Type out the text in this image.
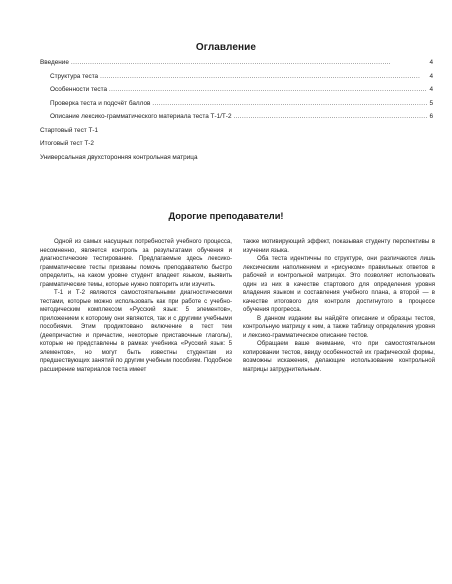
Оглавление
Введение . . .	4
Структура теста . . .	4
Особенности теста . . .	4
Проверка теста и подсчёт баллов . . .	5
Описание лексико-грамматического материала теста Т-1/Т-2 . . .	6
Стартовый тест Т-1
Итоговый тест Т-2
Универсальная двухсторонняя контрольная матрица
Дорогие преподаватели!

Одной из самых насущных потребностей учебного процесса, несомненно, является контроль за результатами обучения и диагностические тестирование. Предлагаемые здесь лексико-грамматические тесты призваны помочь преподавателю быстро определить, на каком уровне студент владеет языком, выявить грамматические темы, которые нужно повторить или изучить.

Т-1 и Т-2 являются самостоятельными диагностическими тестами, которые можно использовать как при работе с учебно-методическим комплексом «Русский язык: 5 элементов», приложением к которому они являются, так и с другими учебными пособиями. Этим продиктовано включение в тест тем (деепричастие и причастие, некоторые приставочные глаголы), которые не представлены в рамках учебника «Русский язык: 5 элементов», но могут быть известны студентам из предшествующих занятий по другим учебным пособиям. Подобное расширение материалов теста имеет

также мотивирующий эффект, показывая студенту перспективы в изучении языка.

Оба теста идентичны по структуре, они различаются лишь лексическим наполнением и «рисунком» правильных ответов в рабочей и контрольной матрицах. Это позволяет использовать один из них в качестве стартового для определения уровня владения языком и составления учебного плана, а второй — в качестве итогового для контроля достигнутого в процессе обучения прогресса.

В данном издании вы найдёте описание и образцы тестов, контрольную матрицу к ним, а также таблицу определения уровня и лексико-грамматическое описание тестов.

Обращаем ваше внимание, что при самостоятельном копировании тестов, ввиду особенностей их графической формы, возможны искажения, делающие использование контрольной матрицы затруднительным.
